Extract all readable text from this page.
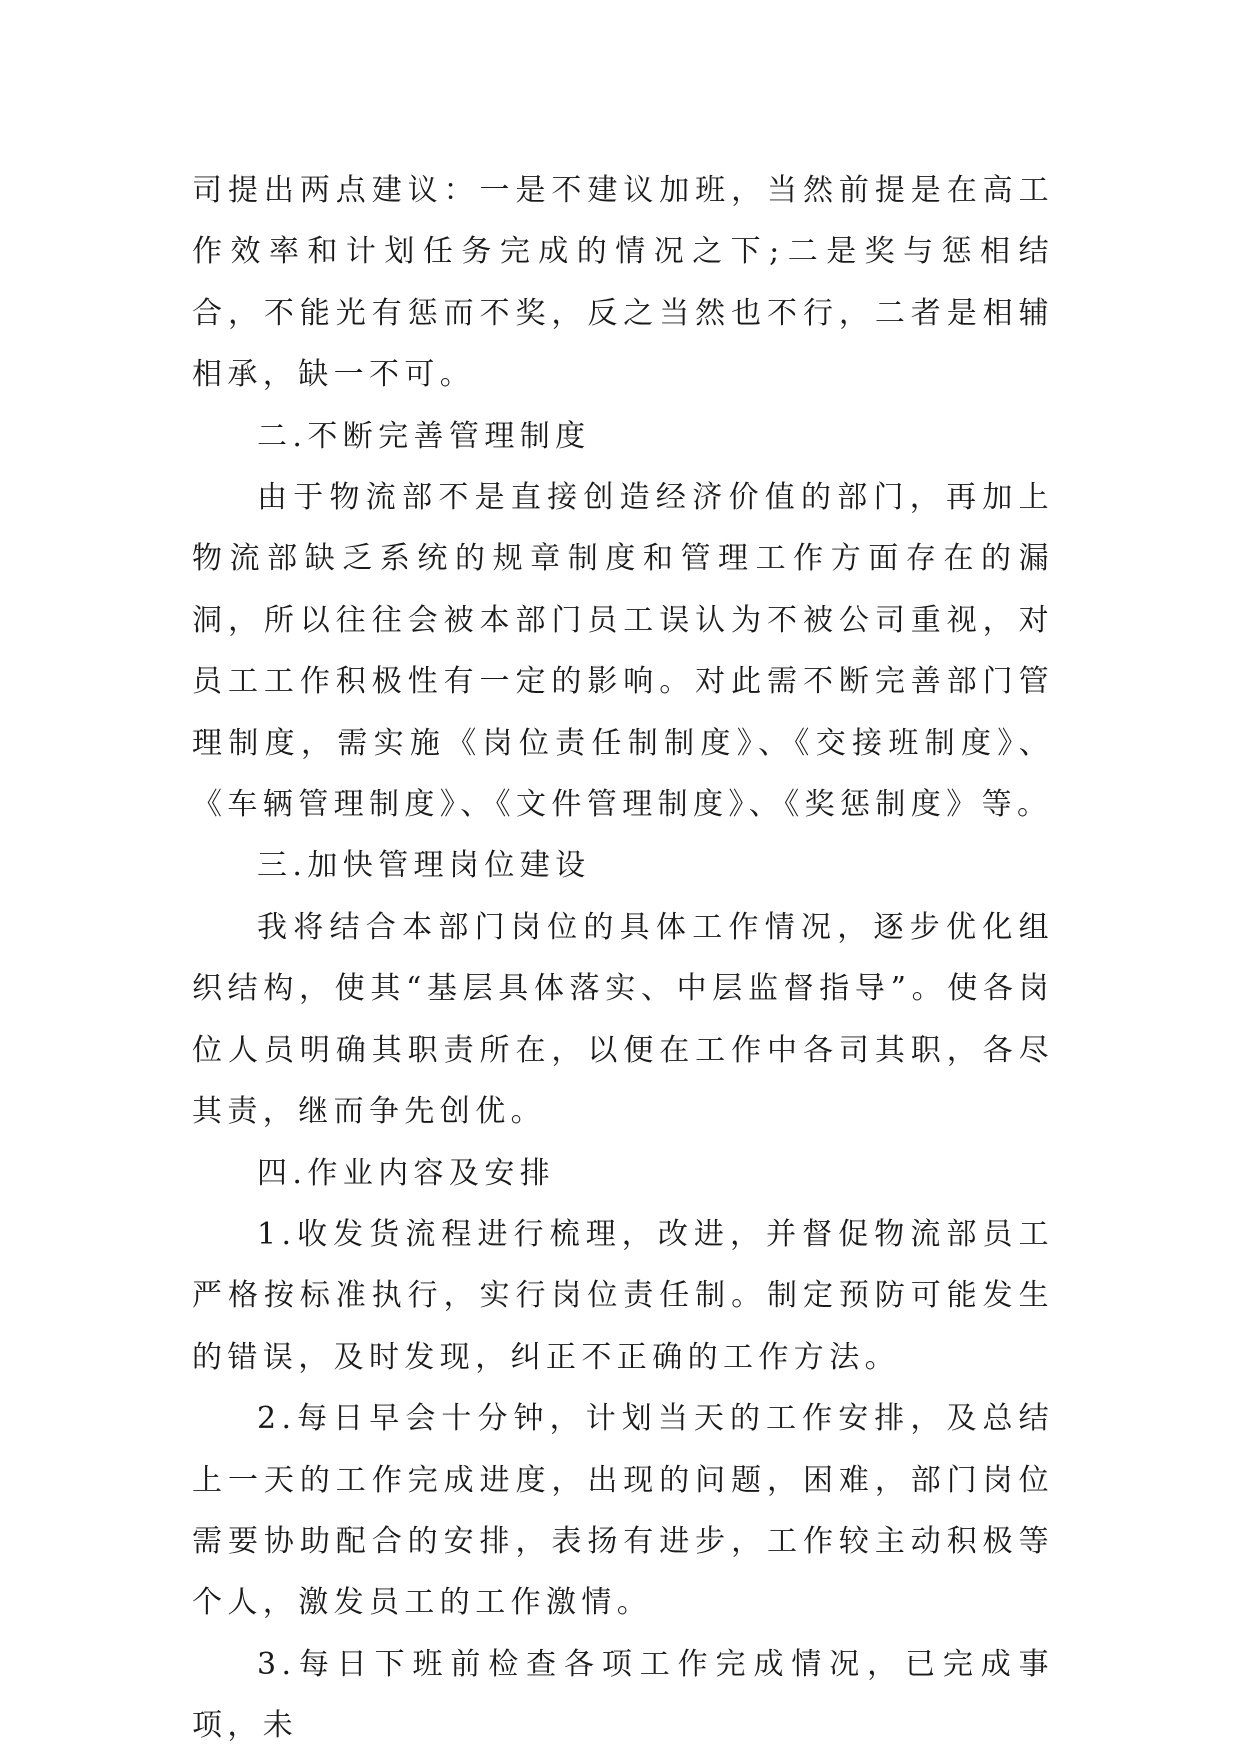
司提出两点建议：一是不建议加班，当然前提是在高工作效率和计划任务完成的情况之下;二是奖与惩相结合，不能光有惩而不奖，反之当然也不行，二者是相辅相承，缺一不可。

二.不断完善管理制度

由于物流部不是直接创造经济价值的部门，再加上物流部缺乏系统的规章制度和管理工作方面存在的漏洞，所以往往会被本部门员工误认为不被公司重视，对员工工作积极性有一定的影响。对此需不断完善部门管理制度，需实施《岗位责任制制度》、《交接班制度》、《车辆管理制度》、《文件管理制度》、《奖惩制度》等。

三.加快管理岗位建设

我将结合本部门岗位的具体工作情况，逐步优化组织结构，使其“基层具体落实、中层监督指导”。使各岗位人员明确其职责所在，以便在工作中各司其职，各尽其责，继而争先创优。

四.作业内容及安排

1.收发货流程进行梳理，改进，并督促物流部员工严格按标准执行，实行岗位责任制。制定预防可能发生的错误，及时发现，纠正不正确的工作方法。

2.每日早会十分钟，计划当天的工作安排，及总结上一天的工作完成进度，出现的问题，困难，部门岗位需要协助配合的安排，表扬有进步，工作较主动积极等个人，激发员工的工作激情。

3.每日下班前检查各项工作完成情况，已完成事项，未
